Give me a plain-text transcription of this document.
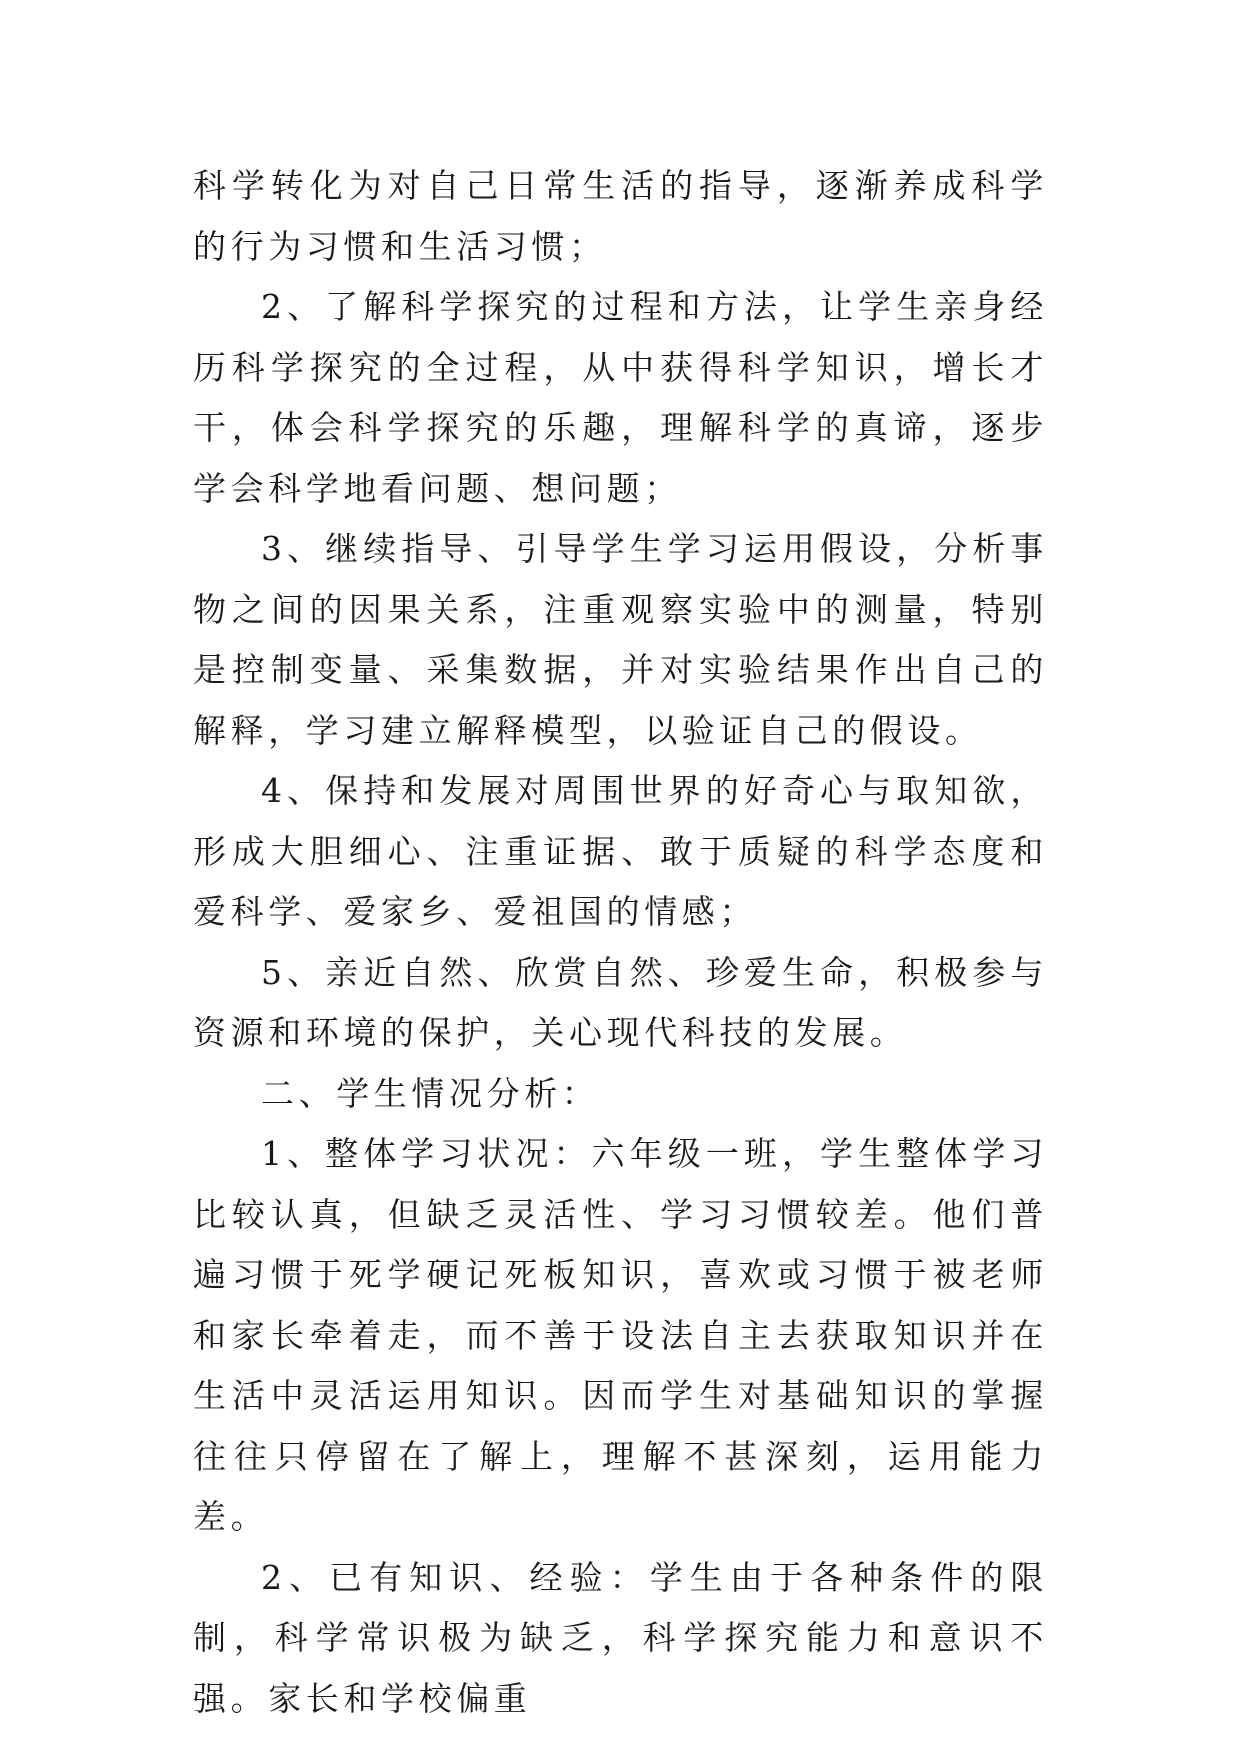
科学转化为对自己日常生活的指导，逐渐养成科学的行为习惯和生活习惯；

2、了解科学探究的过程和方法，让学生亲身经历科学探究的全过程，从中获得科学知识，增长才干，体会科学探究的乐趣，理解科学的真谛，逐步学会科学地看问题、想问题；

3、继续指导、引导学生学习运用假设，分析事物之间的因果关系，注重观察实验中的测量，特别是控制变量、采集数据，并对实验结果作出自己的解释，学习建立解释模型，以验证自己的假设。

4、保持和发展对周围世界的好奇心与取知欲，形成大胆细心、注重证据、敢于质疑的科学态度和爱科学、爱家乡、爱祖国的情感；

5、亲近自然、欣赏自然、珍爱生命，积极参与资源和环境的保护，关心现代科技的发展。

二、学生情况分析：

1、整体学习状况：六年级一班，学生整体学习比较认真，但缺乏灵活性、学习习惯较差。他们普遍习惯于死学硬记死板知识，喜欢或习惯于被老师和家长牵着走，而不善于设法自主去获取知识并在生活中灵活运用知识。因而学生对基础知识的掌握往往只停留在了解上，理解不甚深刻，运用能力差。

2、已有知识、经验：学生由于各种条件的限制，科学常识极为缺乏，科学探究能力和意识不强。家长和学校偏重
